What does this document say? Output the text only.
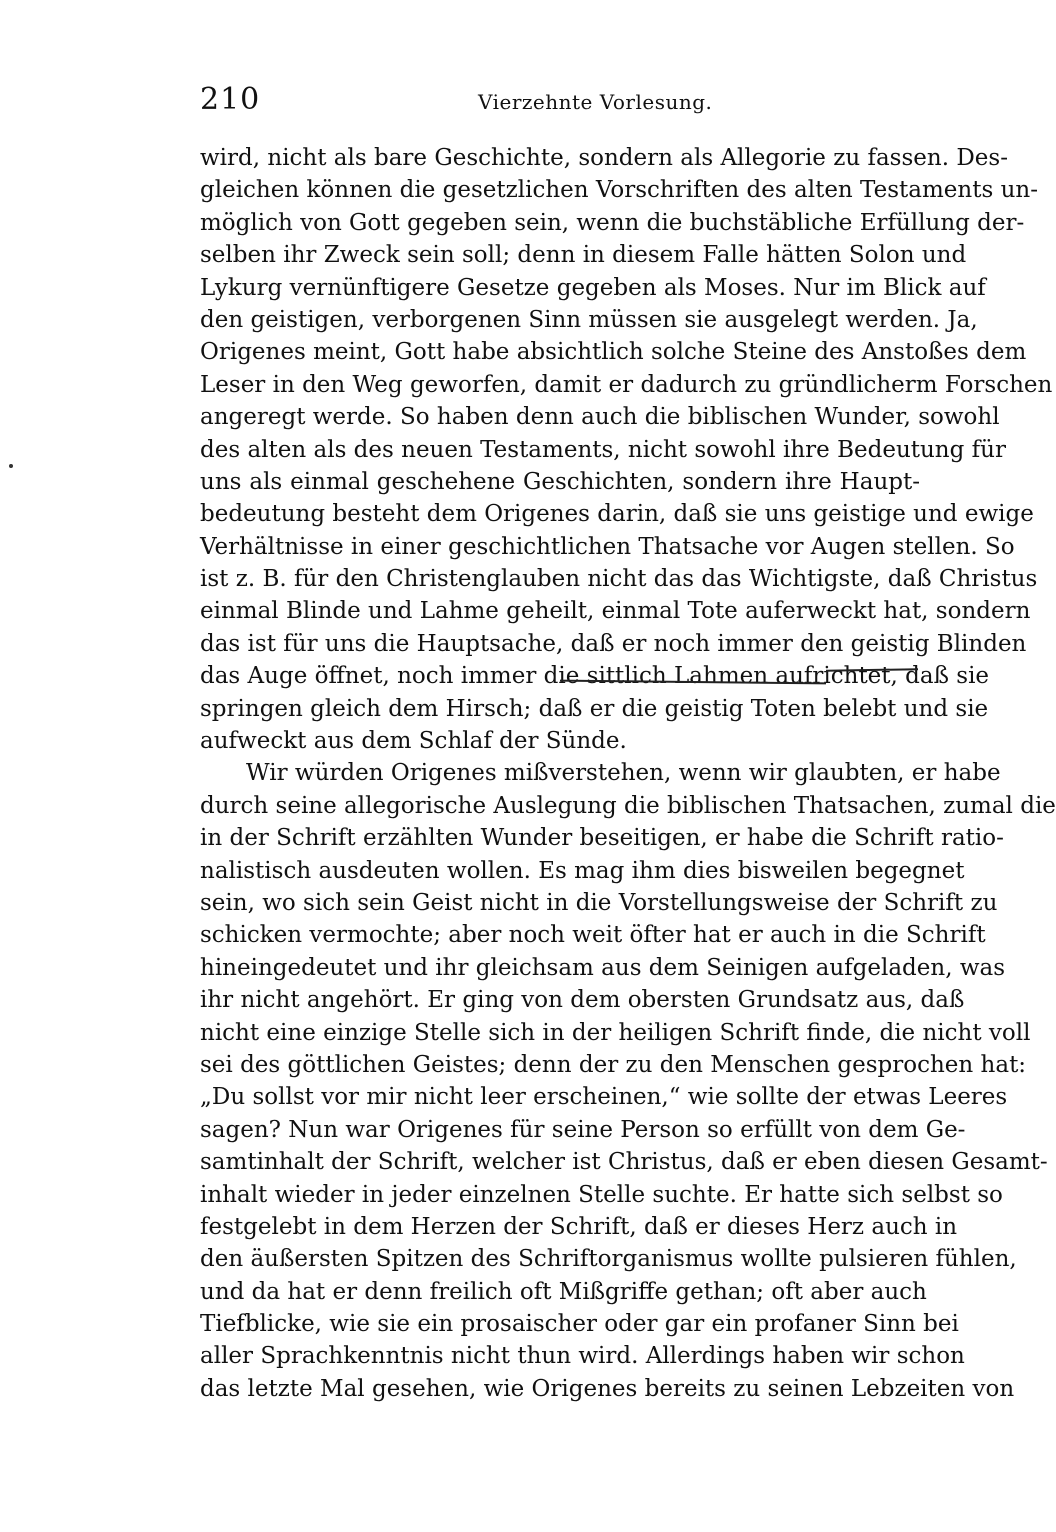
210	Vierzehnte Vorlesung.
wird, nicht als bare Geschichte, sondern als Allegorie zu fassen. Des-
gleichen können die gesetzlichen Vorschriften des alten Testaments un-
möglich von Gott gegeben sein, wenn die buchstäbliche Erfüllung der-
selben ihr Zweck sein soll; denn in diesem Falle hätten Solon und
Lykurg vernünftigere Gesetze gegeben als Moses. Nur im Blick auf
den geistigen, verborgenen Sinn müssen sie ausgelegt werden. Ja,
Origenes meint, Gott habe absichtlich solche Steine des Anstoßes dem
Leser in den Weg geworfen, damit er dadurch zu gründlicherm Forschen
angeregt werde. So haben denn auch die biblischen Wunder, sowohl
des alten als des neuen Testaments, nicht sowohl ihre Bedeutung für
uns als einmal geschehene Geschichten, sondern ihre Haupt-
bedeutung besteht dem Origenes darin, daß sie uns geistige und ewige
Verhältnisse in einer geschichtlichen Thatsache vor Augen stellen. So
ist z. B. für den Christenglauben nicht das das Wichtigste, daß Christus
einmal Blinde und Lahme geheilt, einmal Tote auferweckt hat, sondern
das ist für uns die Hauptsache, daß er noch immer den geistig Blinden
das Auge öffnet, noch immer die sittlich Lahmen aufrichtet, daß sie
springen gleich dem Hirsch; daß er die geistig Toten belebt und sie
aufweckt aus dem Schlaf der Sünde.
Wir würden Origenes mißverstehen, wenn wir glaubten, er habe
durch seine allegorische Auslegung die biblischen Thatsachen, zumal die
in der Schrift erzählten Wunder beseitigen, er habe die Schrift ratio-
nalistisch ausdeuten wollen. Es mag ihm dies bisweilen begegnet
sein, wo sich sein Geist nicht in die Vorstellungsweise der Schrift zu
schicken vermochte; aber noch weit öfter hat er auch in die Schrift
hineingedeutet und ihr gleichsam aus dem Seinigen aufgeladen, was
ihr nicht angehört. Er ging von dem obersten Grundsatz aus, daß
nicht eine einzige Stelle sich in der heiligen Schrift finde, die nicht voll
sei des göttlichen Geistes; denn der zu den Menschen gesprochen hat:
„Du sollst vor mir nicht leer erscheinen,“ wie sollte der etwas Leeres
sagen? Nun war Origenes für seine Person so erfüllt von dem Ge-
samtinhalt der Schrift, welcher ist Christus, daß er eben diesen Gesamt-
inhalt wieder in jeder einzelnen Stelle suchte. Er hatte sich selbst so
festgelebt in dem Herzen der Schrift, daß er dieses Herz auch in
den äußersten Spitzen des Schriftorganismus wollte pulsieren fühlen,
und da hat er denn freilich oft Mißgriffe gethan; oft aber auch
Tiefblicke, wie sie ein prosaischer oder gar ein profaner Sinn bei
aller Sprachkenntnis nicht thun wird. Allerdings haben wir schon
das letzte Mal gesehen, wie Origenes bereits zu seinen Lebzeiten von
